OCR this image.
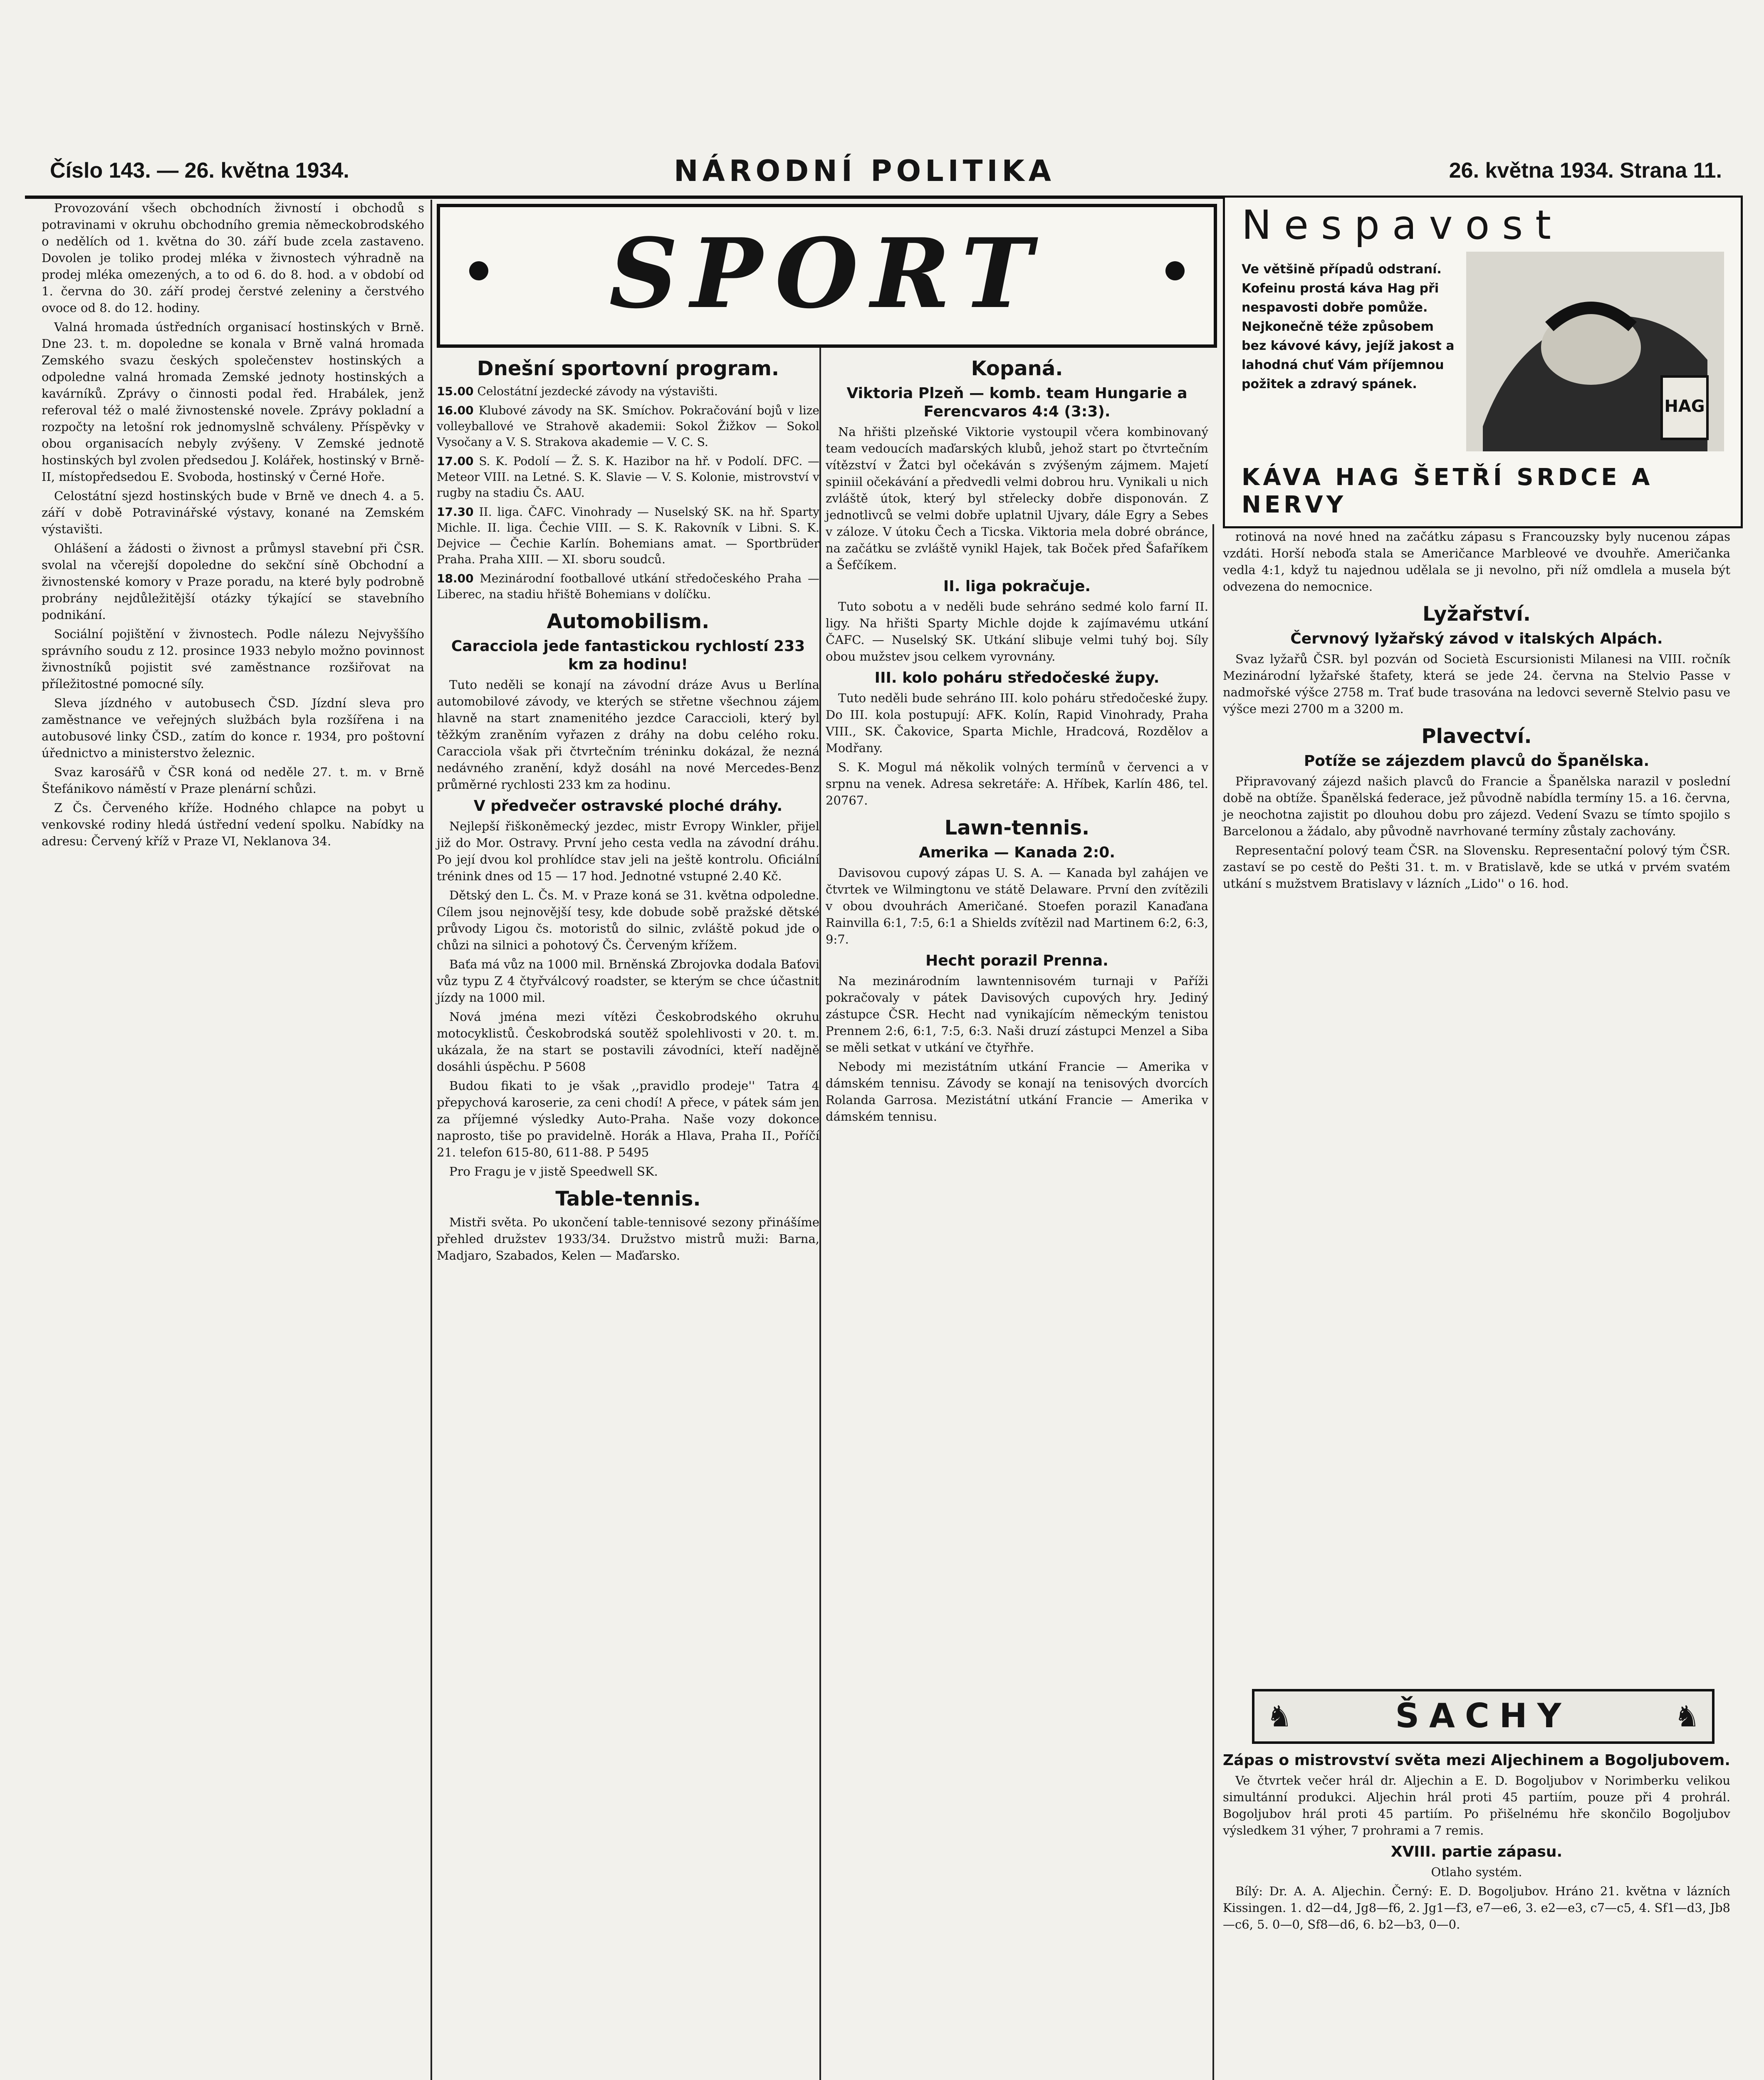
Číslo 143. — 26. května 1934.	NÁRODNÍ POLITIKA	26. května 1934. Strana 11.

Provozování všech obchodních živností i obchodů s potravinami v okruhu obchodního gremia německobrodského o nedělích od 1. května do 30. září bude zcela zastaveno. Dovolen je toliko prodej mléka v živnostech výhradně na prodej mléka omezených, a to od 6. do 8. hod. a v období od 1. června do 30. září prodej čerstvé zeleniny a čerstvého ovoce od 8. do 12. hodiny.

Valná hromada ústředních organisací hostinských v Brně. Dne 23. t. m. dopoledne se konala v Brně valná hromada Zemského svazu českých společenstev hostinských a odpoledne valná hromada Zemské jednoty hostinských a kavárníků. Zprávy o činnosti podal řed. Hrabálek, jenž referoval též o malé živnostenské novele. Zprávy pokladní a rozpočty na letošní rok jednomyslně schváleny. Příspěvky v obou organisacích nebyly zvýšeny. V Zemské jednotě hostinských byl zvolen předsedou J. Kolářek, hostinský v Brně-II, místopředsedou E. Svoboda, hostinský v Černé Hoře.

Celostátní sjezd hostinských bude v Brně ve dnech 4. a 5. září v době Potravinářské výstavy, konané na Zemském výstavišti.

Ohlášení a žádosti o živnost a průmysl stavební při ČSR. svolal na včerejší dopoledne do sekční síně Obchodní a živnostenské komory v Praze poradu, na které byly podrobně probrány nejdůležitější otázky týkající se stavebního podnikání.

Sociální pojištění v živnostech. Podle nálezu Nejvyššího správního soudu z 12. prosince 1933 nebylo možno povinnost živnostníků pojistit své zaměstnance rozšiřovat na příležitostné pomocné síly.

Sleva jízdného v autobusech ČSD. Jízdní sleva pro zaměstnance ve veřejných službách byla rozšířena i na autobusové linky ČSD., zatím do konce r. 1934, pro poštovní úřednictvo a ministerstvo železnic.

Svaz karosářů v ČSR koná od neděle 27. t. m. v Brně Štefánikovo náměstí v Praze plenární schůzi.

Z Čs. Červeného kříže. Hodného chlapce na pobyt u venkovské rodiny hledá ústřední vedení spolku. Nabídky na adresu: Červený kříž v Praze VI, Neklanova 34.

SPORT
Dnešní sportovní program.
15.00 Celostátní jezdecké závody na výstavišti.
16.00 Klubové závody na SK. Smíchov. Pokračování bojů v lize volleyballové ve Strahově akademii: Sokol Žižkov — Sokol Vysočany a V. S. Strakova akademie — V. C. S.
17.00 S. K. Podolí — Ž. S. K. Hazibor na hř. v Podolí. DFC. — Meteor VIII. na Letné. S. K. Slavie — V. S. Kolonie, mistrovství v rugby na stadiu Čs. AAU.
17.30 II. liga. ČAFC. Vinohrady — Nuselský SK. na hř. Sparty Michle. II. liga. Čechie VIII. — S. K. Rakovník v Libni. S. K. Dejvice — Čechie Karlín. Bohemians amat. — Sportbrüder Praha. Praha XIII. — XI. sboru soudců.
18.00 Mezinárodní footballové utkání středočeského Praha — Liberec, na stadiu hřiště Bohemians v dolíčku.
Automobilism.
Caracciola jede fantastickou rychlostí 233 km za hodinu!

Tuto neděli se konají na závodní dráze Avus u Berlína automobilové závody, ve kterých se střetne všechnou zájem hlavně na start znamenitého jezdce Caraccioli, který byl těžkým zraněním vyřazen z dráhy na dobu celého roku. Caracciola však při čtvrtečním tréninku dokázal, že nezná nedávného zranění, když dosáhl na nové Mercedes-Benz průměrné rychlosti 233 km za hodinu.

V předvečer ostravské ploché dráhy.

Nejlepší řiškoněmecký jezdec, mistr Evropy Winkler, přijel již do Mor. Ostravy. První jeho cesta vedla na závodní dráhu. Po její dvou kol prohlídce stav jeli na ještě kontrolu. Oficiální trénink dnes od 15 — 17 hod. Jednotné vstupné 2.40 Kč.

Dětský den L. Čs. M. v Praze koná se 31. května odpoledne. Cílem jsou nejnovější tesy, kde dobude sobě pražské dětské průvody Ligou čs. motoristů do silnic, zvláště pokud jde o chůzi na silnici a pohotový Čs. Červeným křížem.

Baťa má vůz na 1000 mil. Brněnská Zbrojovka dodala Baťovi vůz typu Z 4 čtyřválcový roadster, se kterým se chce účastnit jízdy na 1000 mil.

Nová jména mezi vítězi Českobrodského okruhu motocyklistů. Českobrodská soutěž spolehlivosti v 20. t. m. ukázala, že na start se postavili závodníci, kteří nadějně dosáhli úspěchu. P 5608

Budou fikati to je však ,,pravidlo prodeje'' Tatra 4 přepychová karoserie, za ceni chodí! A přece, v pátek sám jen za příjemné výsledky Auto-Praha. Naše vozy dokonce naprosto, tiše po pravidelně. Horák a Hlava, Praha II., Poříčí 21. telefon 615-80, 611-88. P 5495

Pro Fragu je v jistě Speedwell SK.

Table-tennis.

Mistři světa. Po ukončení table-tennisové sezony přinášíme přehled družstev 1933/34. Družstvo mistrů muži: Barna, Madjaro, Szabados, Kelen — Maďarsko.

Kopaná.
Viktoria Plzeň — komb. team Hungarie a Ferencvaros 4:4 (3:3).

Na hřišti plzeňské Viktorie vystoupil včera kombinovaný team vedoucích maďarských klubů, jehož start po čtvrtečním vítězství v Žatci byl očekáván s zvýšeným zájmem. Majetí spiniil očekávání a předvedli velmi dobrou hru. Vynikali u nich zvláště útok, který byl střelecky dobře disponován. Z jednotlivců se velmi dobře uplatnil Ujvary, dále Egry a Sebes v záloze. V útoku Čech a Ticska. Viktoria mela dobré obránce, na začátku se zvláště vynikl Hajek, tak Boček před Šafaříkem a Šefčíkem.

II. liga pokračuje.

Tuto sobotu a v neděli bude sehráno sedmé kolo farní II. ligy. Na hřišti Sparty Michle dojde k zajímavému utkání ČAFC. — Nuselský SK. Utkání slibuje velmi tuhý boj. Síly obou mužstev jsou celkem vyrovnány.

III. kolo poháru středočeské župy.

Tuto neděli bude sehráno III. kolo poháru středočeské župy. Do III. kola postupují: AFK. Kolín, Rapid Vinohrady, Praha VIII., SK. Čakovice, Sparta Michle, Hradcová, Rozdělov a Modřany.

S. K. Mogul má několik volných termínů v červenci a v srpnu na venek. Adresa sekretáře: A. Hříbek, Karlín 486, tel. 20767.

Lawn-tennis.
Amerika — Kanada 2:0.

Davisovou cupový zápas U. S. A. — Kanada byl zahájen ve čtvrtek ve Wilmingtonu ve státě Delaware. První den zvítězili v obou dvouhrách Američané. Stoefen porazil Kanaďana Rainvilla 6:1, 7:5, 6:1 a Shields zvítězil nad Martinem 6:2, 6:3, 9:7.

Hecht porazil Prenna.

Na mezinárodním lawntennisovém turnaji v Paříži pokračovaly v pátek Davisových cupových hry. Jediný zástupce ČSR. Hecht nad vynikajícím německým tenistou Prennem 2:6, 6:1, 7:5, 6:3. Naši druzí zástupci Menzel a Siba se měli setkat v utkání ve čtyřhře.

Nebody mi mezistátním utkání Francie — Amerika v dámském tennisu. Závody se konají na tenisových dvorcích Rolanda Garrosa. Mezistátní utkání Francie — Amerika v dámském tennisu.

Nespavost
Ve většině případů odstraní. Kofeinu prostá káva Hag při nespavosti dobře pomůže. Nejkonečně téže způsobem bez kávové kávy, jejíž jakost a lahodná chuť Vám příjemnou požitek a zdravý spánek.
HAG
KÁVA HAG ŠETŘÍ SRDCE A NERVY

rotinová na nové hned na začátku zápasu s Francouzsky byly nucenou zápas vzdáti. Horší neboďa stala se Američance Marbleové ve dvouhře. Američanka vedla 4:1, když tu najednou udělala se ji nevolno, při níž omdlela a musela být odvezena do nemocnice.

Lyžařství.
Červnový lyžařský závod v italských Alpách.

Svaz lyžařů ČSR. byl pozván od Società Escursionisti Milanesi na VIII. ročník Mezinárodní lyžařské štafety, která se jede 24. června na Stelvio Passe v nadmořské výšce 2758 m. Trať bude trasována na ledovci severně Stelvio pasu ve výšce mezi 2700 m a 3200 m.

Plavectví.
Potíže se zájezdem plavců do Španělska.

Připravovaný zájezd našich plavců do Francie a Španělska narazil v poslední době na obtíže. Španělská federace, jež původně nabídla termíny 15. a 16. června, je neochotna zajistit po dlouhou dobu pro zájezd. Vedení Svazu se tímto spojilo s Barcelonou a žádalo, aby původně navrhované termíny zůstaly zachovány.

Representační polový team ČSR. na Slovensku. Representační polový tým ČSR. zastaví se po cestě do Pešti 31. t. m. v Bratislavě, kde se utká v prvém svatém utkání s mužstvem Bratislavy v lázních „Lido'' o 16. hod.

♞	ŠACHY	♞
Zápas o mistrovství světa mezi Aljechinem a Bogoljubovem.

Ve čtvrtek večer hrál dr. Aljechin a E. D. Bogoljubov v Norimberku velikou simultánní produkci. Aljechin hrál proti 45 partiím, pouze při 4 prohrál. Bogoljubov hrál proti 45 partiím. Po přišelnému hře skončilo Bogoljubov výsledkem 31 výher, 7 prohrami a 7 remis.

XVIII. partie zápasu.

Otlaho systém.

Bílý: Dr. A. A. Aljechin. Černý: E. D. Bogoljubov. Hráno 21. května v lázních Kissingen. 1. d2—d4, Jg8—f6, 2. Jg1—f3, e7—e6, 3. e2—e3, c7—c5, 4. Sf1—d3, Jb8—c6, 5. 0—0, Sf8—d6, 6. b2—b3, 0—0.
